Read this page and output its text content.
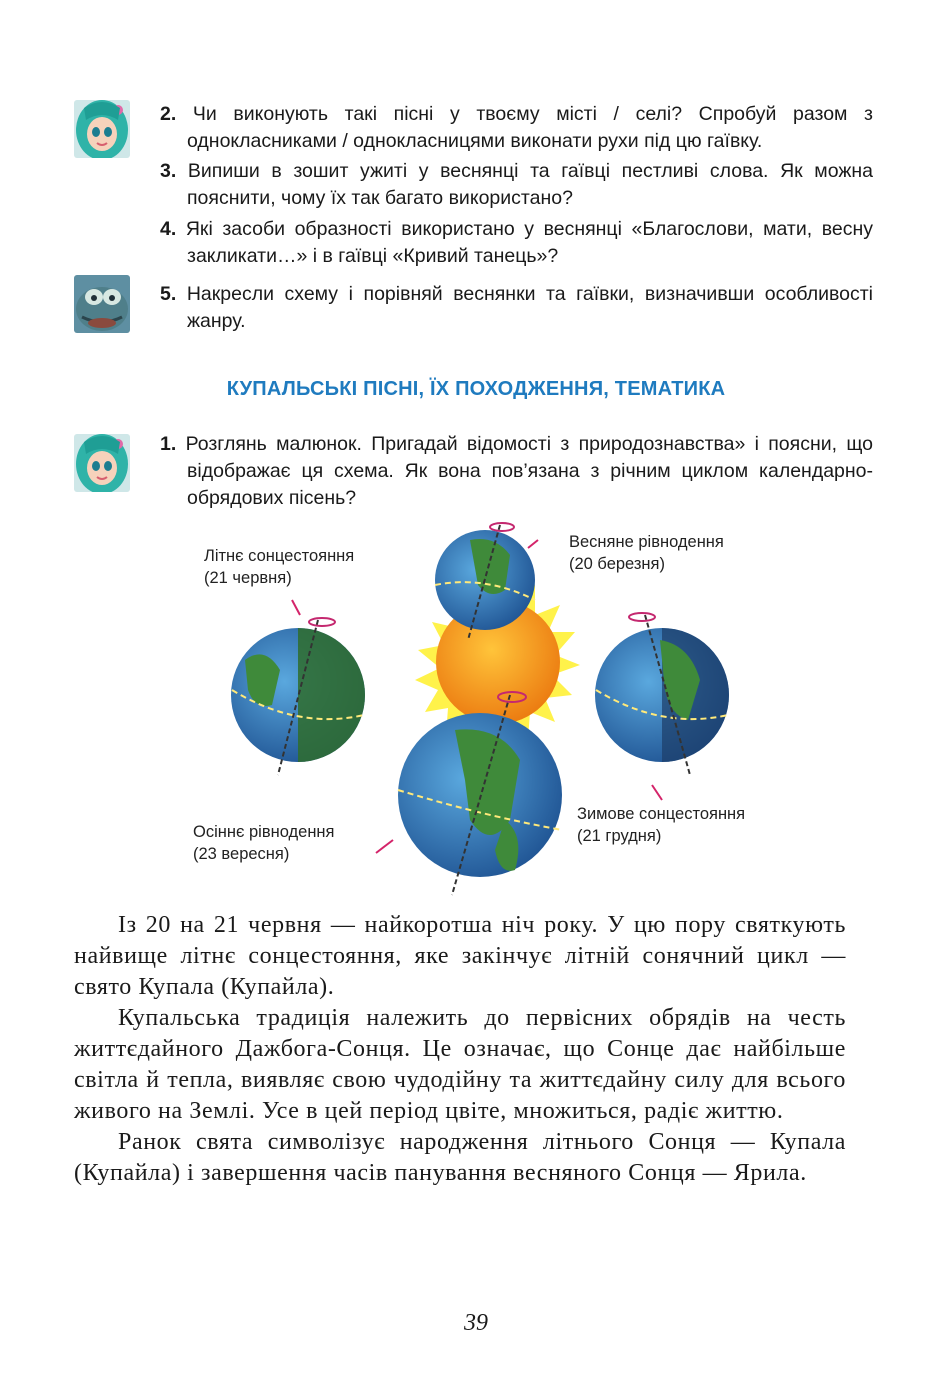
2. Чи виконують такі пісні у твоєму місті / селі? Спробуй разом з однокласниками / однокласницями виконати рухи під цю гаївку.
3. Випиши в зошит ужиті у веснянці та гаївці пестливі слова. Як можна пояснити, чому їх так багато використано?
4. Які засоби образності використано у веснянці «Благослови, мати, весну закликати…» і в гаївці «Кривий танець»?
5. Накресли схему і порівняй веснянки та гаївки, визначивши особливості жанру.
КУПАЛЬСЬКІ ПІСНІ, ЇХ ПОХОДЖЕННЯ, ТЕМАТИКА
1. Розглянь малюнок. Пригадай відомості з природознавства» і поясни, що відображає ця схема. Як вона пов’язана з річним циклом календарно-обрядових пісень?
Літнє сонцестояння
(21 червня)
Весняне рівнодення
(20 березня)
Осіннє рівнодення
(23 вересня)
Зимове сонцестояння
(21 грудня)

Із 20 на 21 червня — найкоротша ніч року. У цю пору святкують найвище літнє сонцестояння, яке закінчує літній сонячний цикл — свято Купала (Купайла).

Купальська традиція належить до первісних обрядів на честь життєдайного Дажбога-Сонця. Це означає, що Сонце дає найбільше світла й тепла, виявляє свою чудодійну та життєдайну силу для всього живого на Землі. Усе в цей період цвіте, множиться, радіє життю.

Ранок свята символізує народження літнього Сонця — Купала (Купайла) і завершення часів панування весняного Сонця — Ярила.

39
